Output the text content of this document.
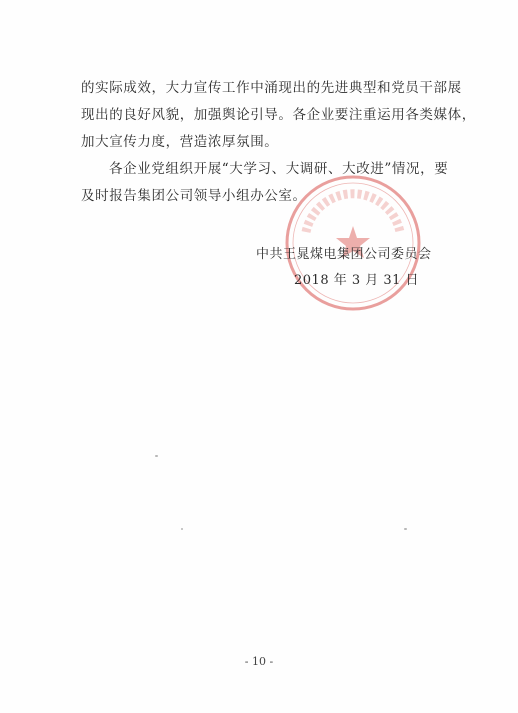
的实际成效，大力宣传工作中涌现出的先进典型和党员干部展
现出的良好风貌，加强舆论引导。各企业要注重运用各类媒体，
加大宣传力度，营造浓厚氛围。
各企业党组织开展“大学习、大调研、大改进”情况，要
及时报告集团公司领导小组办公室。
中共王晁煤电集团公司委员会
2018 年 3 月 31 日
- 10 -
